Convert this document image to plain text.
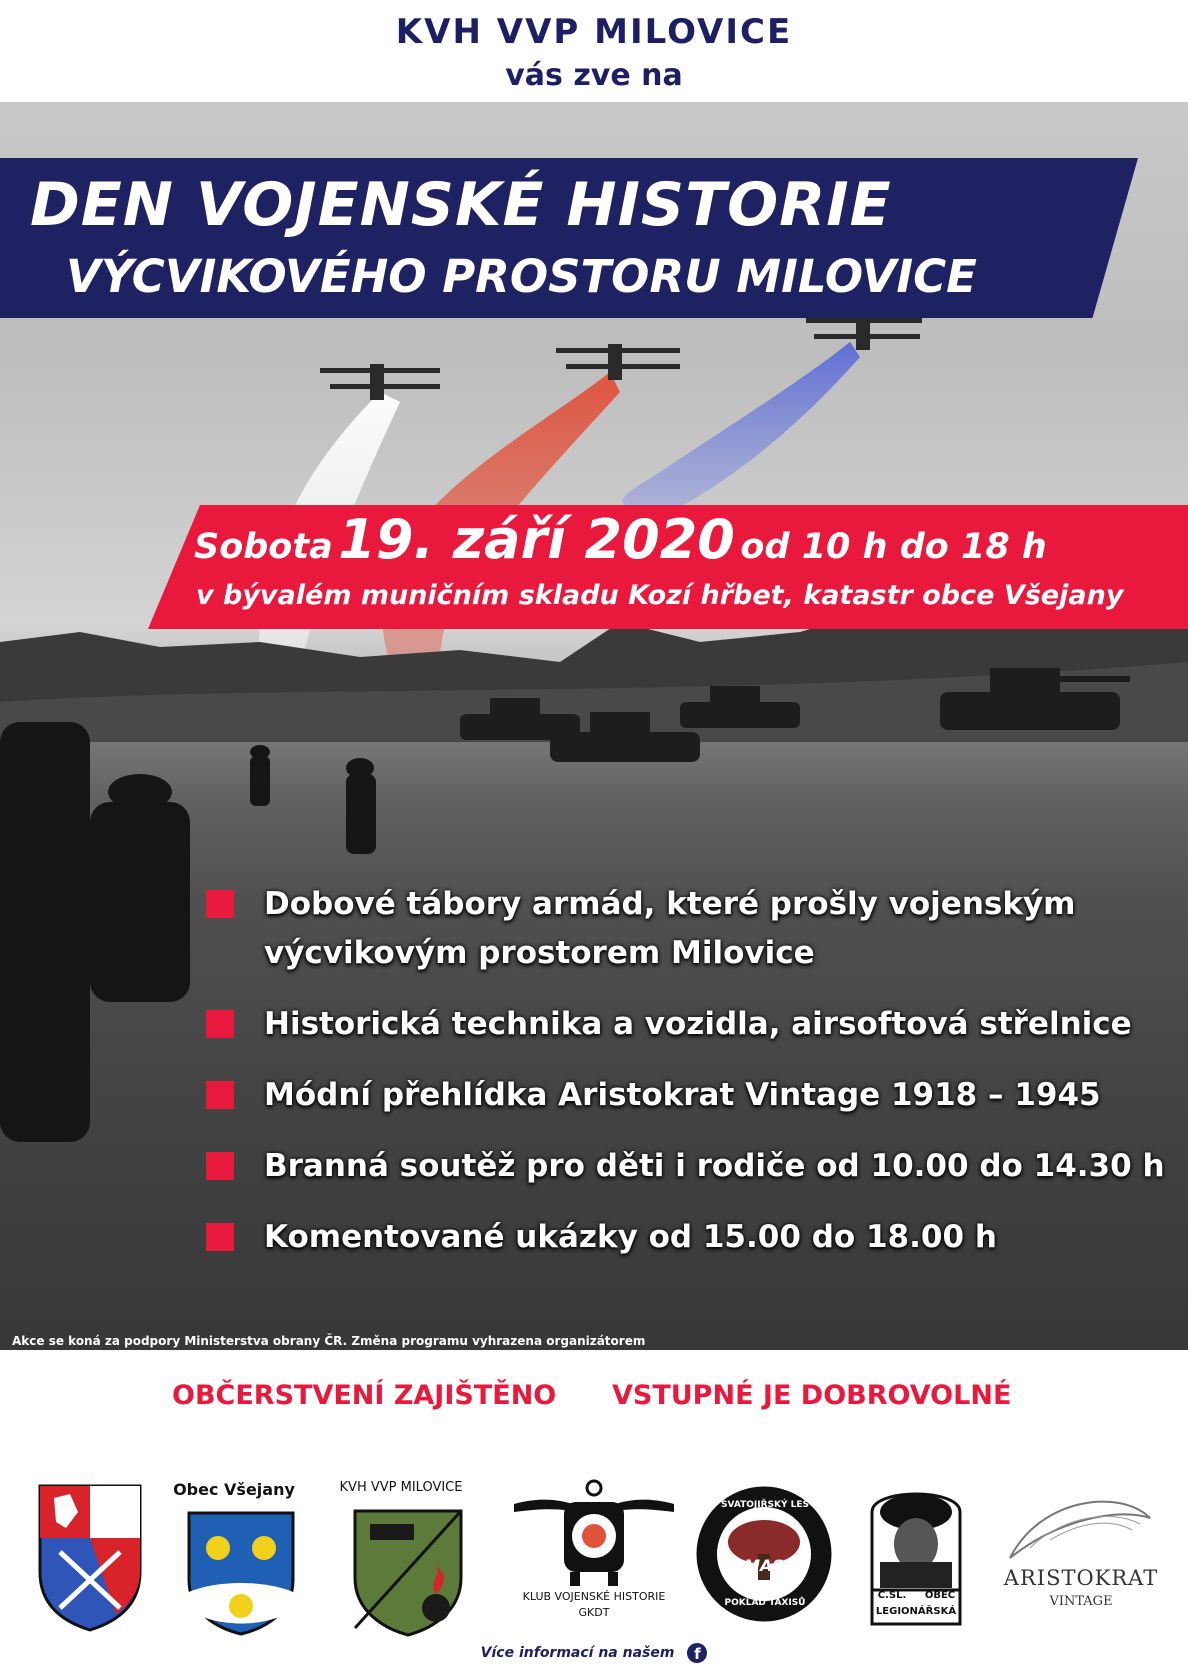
KVH VVP MILOVICE
vás zve na
DEN VOJENSKÉ HISTORIE
VÝCVIKOVÉHO PROSTORU MILOVICE
Sobota 19. září 2020 od 10 h do 18 h
v bývalém muničním skladu Kozí hřbet, katastr obce Všejany
Dobové tábory armád, které prošly vojenským výcvikovým prostorem Milovice
Historická technika a vozidla, airsoftová střelnice
Módní přehlídka Aristokrat Vintage 1918 – 1945
Branná soutěž pro děti i rodiče od 10.00 do 14.30 h
Komentované ukázky od 15.00 do 18.00 h
Akce se koná za podpory Ministerstva obrany ČR. Změna programu vyhrazena organizátorem
OBČERSTVENÍ ZAJIŠTĚNO VSTUPNÉ JE DOBROVOLNÉ
Obec Všejany	KVH VVP MILOVICE
KLUB VOJENSKÉ HISTORIE
GKDT
SVATOJIŘSKÝ LES
MAS
POKLAD TAXISŮ
Č.SL.	OBEC
LEGIONÁŘSKÁ
ARISTOKRAT
VINTAGE
Více informací na našem f
